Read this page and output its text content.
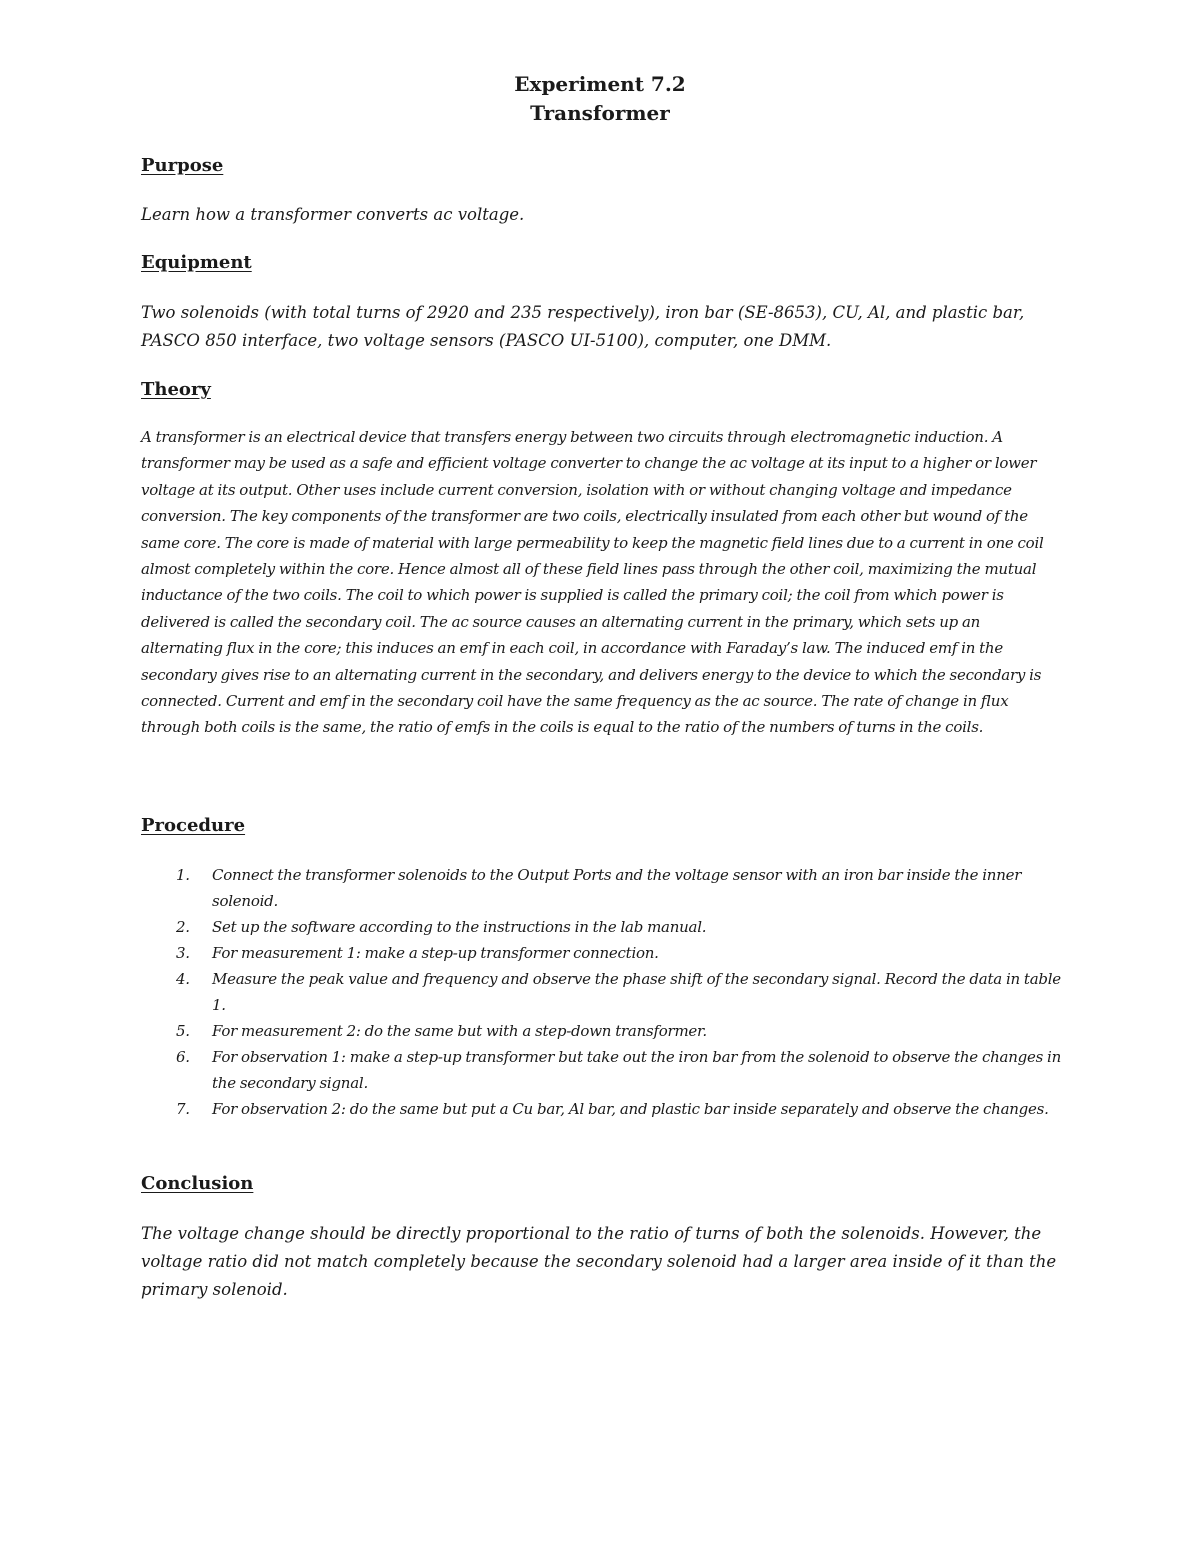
Experiment 7.2
Transformer
Purpose
Learn how a transformer converts ac voltage.
Equipment
Two solenoids (with total turns of 2920 and 235 respectively), iron bar (SE-8653), CU, Al, and plastic bar, PASCO 850 interface, two voltage sensors (PASCO UI-5100), computer, one DMM.
Theory
A transformer is an electrical device that transfers energy between two circuits through electromagnetic induction. A transformer may be used as a safe and efficient voltage converter to change the ac voltage at its input to a higher or lower voltage at its output. Other uses include current conversion, isolation with or without changing voltage and impedance conversion. The key components of the transformer are two coils, electrically insulated from each other but wound of the same core. The core is made of material with large permeability to keep the magnetic field lines due to a current in one coil almost completely within the core. Hence almost all of these field lines pass through the other coil, maximizing the mutual inductance of the two coils. The coil to which power is supplied is called the primary coil; the coil from which power is delivered is called the secondary coil. The ac source causes an alternating current in the primary, which sets up an alternating flux in the core; this induces an emf in each coil, in accordance with Faraday’s law. The induced emf in the secondary gives rise to an alternating current in the secondary, and delivers energy to the device to which the secondary is connected. Current and emf in the secondary coil have the same frequency as the ac source. The rate of change in flux through both coils is the same, the ratio of emfs in the coils is equal to the ratio of the numbers of turns in the coils.
Procedure
1. Connect the transformer solenoids to the Output Ports and the voltage sensor with an iron bar inside the inner solenoid.
2. Set up the software according to the instructions in the lab manual.
3. For measurement 1: make a step-up transformer connection.
4. Measure the peak value and frequency and observe the phase shift of the secondary signal. Record the data in table 1.
5. For measurement 2: do the same but with a step-down transformer.
6. For observation 1: make a step-up transformer but take out the iron bar from the solenoid to observe the changes in the secondary signal.
7. For observation 2: do the same but put a Cu bar, Al bar, and plastic bar inside separately and observe the changes.
Conclusion
The voltage change should be directly proportional to the ratio of turns of both the solenoids. However, the voltage ratio did not match completely because the secondary solenoid had a larger area inside of it than the primary solenoid.
